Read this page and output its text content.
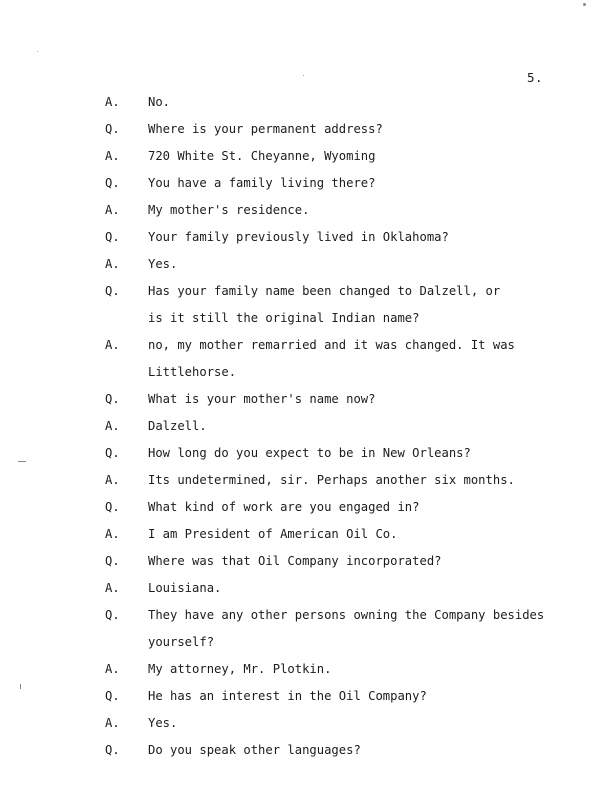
5.
A.	No.
Q.	Where is your permanent address?
A.	720 White St. Cheyanne, Wyoming
Q.	You have a family living there?
A.	My mother's residence.
Q.	Your family previously lived in Oklahoma?
A.	Yes.
Q.	Has your family name been changed to Dalzell, or
is it still the original Indian name?
A.	no, my mother remarried and it was changed. It was
Littlehorse.
Q.	What is your mother's name now?
A.	Dalzell.
Q.	How long do you expect to be in New Orleans?
A.	Its undetermined, sir. Perhaps another six months.
Q.	What kind of work are you engaged in?
A.	I am President of American Oil Co.
Q.	Where was that Oil Company incorporated?
A.	Louisiana.
Q.	They have any other persons owning the Company besides
yourself?
A.	My attorney, Mr. Plotkin.
Q.	He has an interest in the Oil Company?
A.	Yes.
Q.	Do you speak other languages?
